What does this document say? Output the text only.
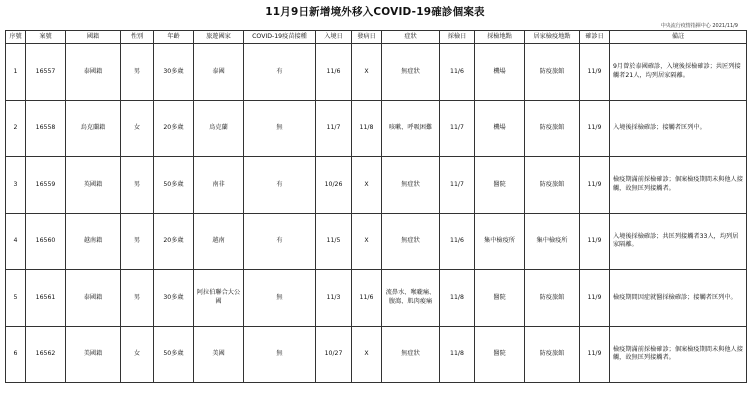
11月9日新增境外移入COVID-19確診個案表
中央流行疫情指揮中心 2021/11/9
序號	案號	國籍	性別	年齡	旅遊國家	COVID-19疫苗接種	入境日	發病日	症狀	採檢日	採檢地點	居家檢疫地點	確診日	備註
1	16557	泰國籍	男	30多歲	泰國	有	11/6	X	無症狀	11/6	機場	防疫旅館	11/9	9月曾於泰國確診，入境後採檢確診；共匠列接觸者21人，均列居家隔離。
2	16558	烏克蘭籍	女	20多歲	烏克蘭	無	11/7	11/8	咳嗽、呼吸困難	11/7	機場	防疫旅館	11/9	入境後採檢確診；接觸者匡列中。
3	16559	英國籍	男	50多歲	南非	有	10/26	X	無症狀	11/7	醫院	防疫旅館	11/9	檢疫期滿前採檢確診；個案檢疫期間未與他人接觸，故無匡列接觸者。
4	16560	越南籍	男	20多歲	越南	有	11/5	X	無症狀	11/6	集中檢疫所	集中檢疫所	11/9	入境後採檢確診；共匡列接觸者33人，均列居家隔離。
5	16561	泰國籍	男	30多歲	阿拉伯聯合大公國	無	11/3	11/6	流鼻水、喉嚨痛、腹瀉、肌肉痠痛	11/8	醫院	防疫旅館	11/9	檢疫期間因症就醫採檢確診；接觸者匡列中。
6	16562	美國籍	女	50多歲	美國	無	10/27	X	無症狀	11/8	醫院	防疫旅館	11/9	檢疫期滿前採檢確診；個案檢疫期間未與他人接觸，故無匡列接觸者。
